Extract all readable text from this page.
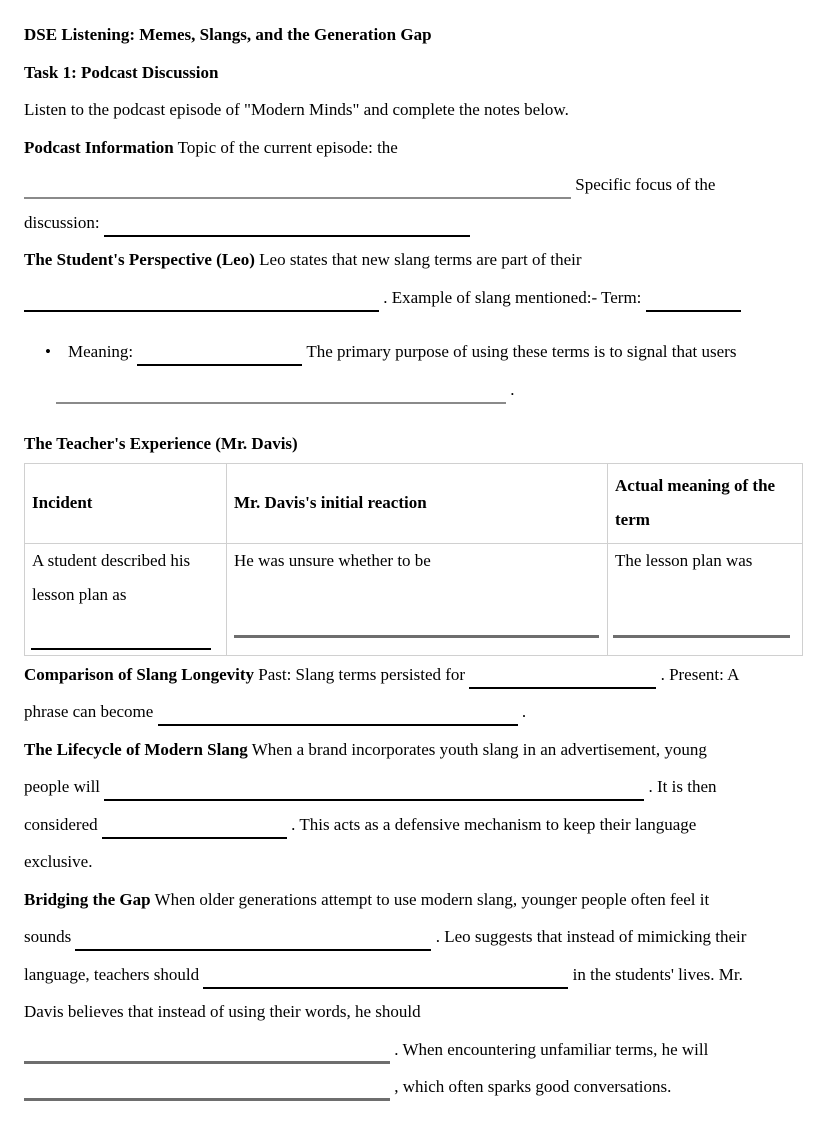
DSE Listening: Memes, Slangs, and the Generation Gap
Task 1: Podcast Discussion
Listen to the podcast episode of "Modern Minds" and complete the notes below.
Podcast Information Topic of the current episode: the
Specific focus of the
discussion:
The Student's Perspective (Leo) Leo states that new slang terms are part of their
. Example of slang mentioned:- Term:
• Meaning:	The primary purpose of using these terms is to signal that users
.
The Teacher's Experience (Mr. Davis)
Incident	Mr. Davis's initial reaction	Actual meaning of the term
A student described his lesson plan as	He was unsure whether to be	The lesson plan was
Comparison of Slang Longevity Past: Slang terms persisted for	. Present: A
phrase can become	.
The Lifecycle of Modern Slang When a brand incorporates youth slang in an advertisement, young
people will	. It is then
considered	. This acts as a defensive mechanism to keep their language
exclusive.
Bridging the Gap When older generations attempt to use modern slang, younger people often feel it
sounds	. Leo suggests that instead of mimicking their
language, teachers should	in the students' lives. Mr.
Davis believes that instead of using their words, he should
. When encountering unfamiliar terms, he will
, which often sparks good conversations.
